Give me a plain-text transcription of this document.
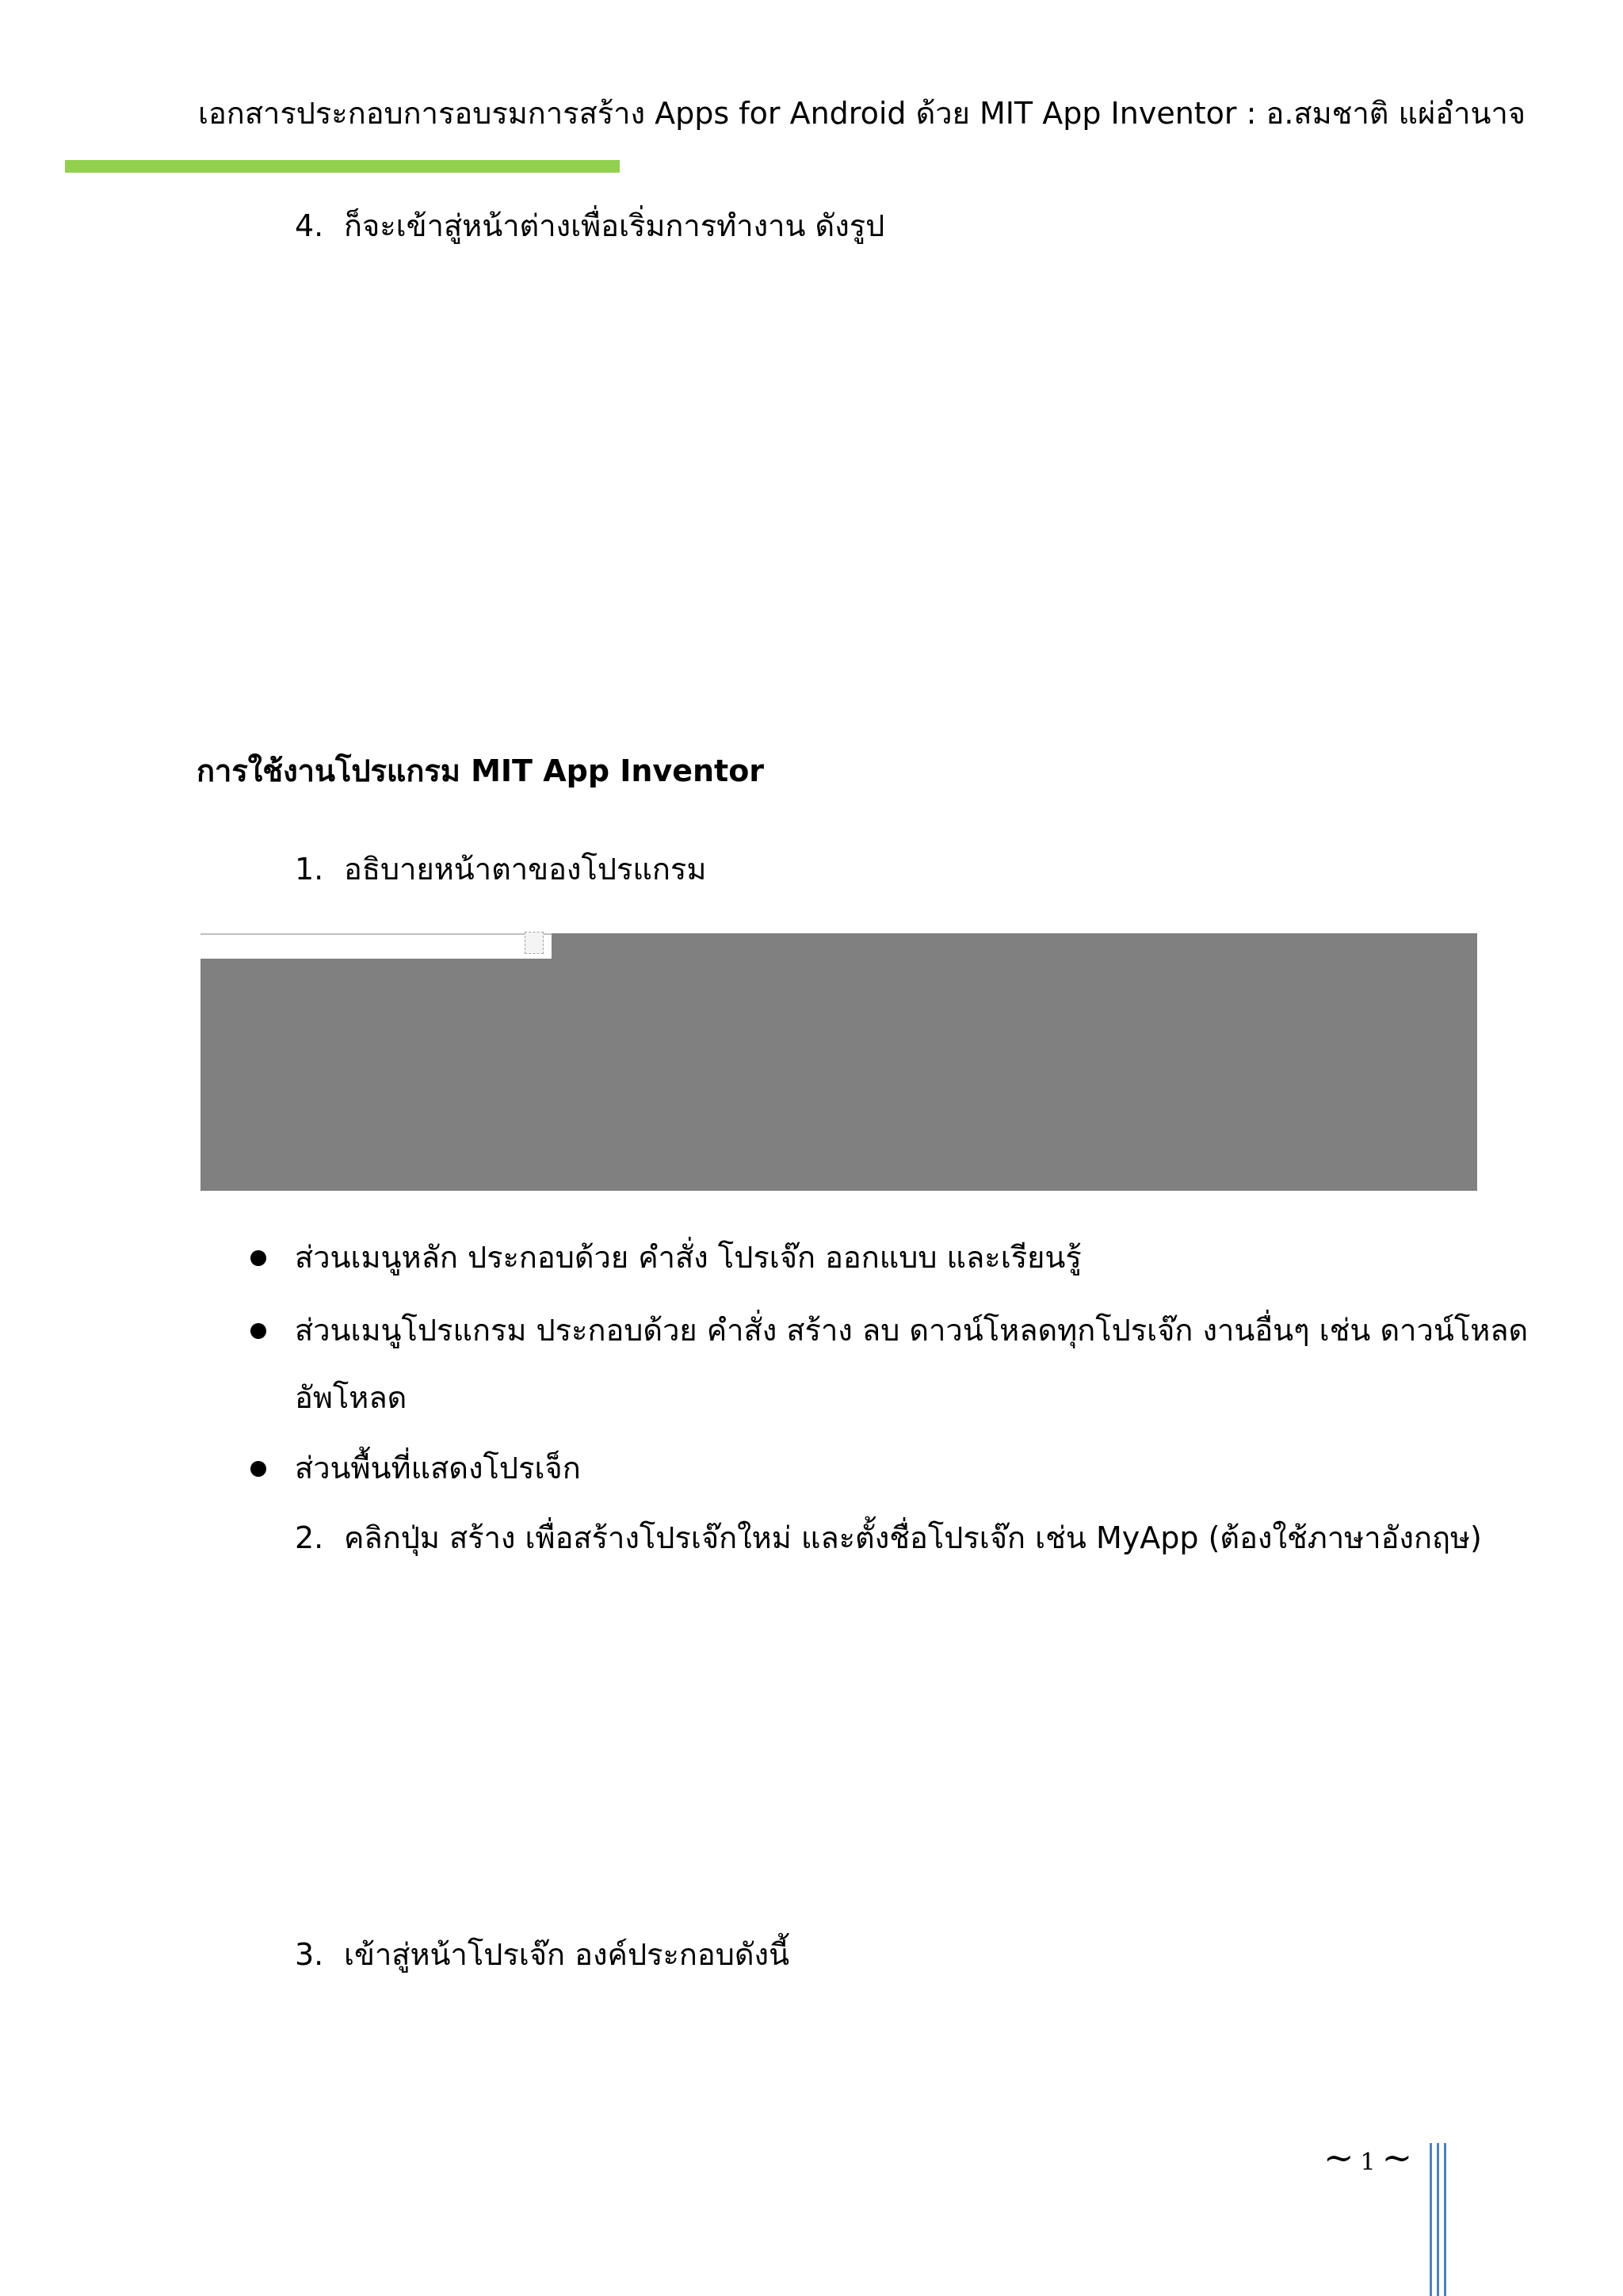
เอกสารประกอบการอบรมการสร้าง Apps for Android ด้วย MIT App Inventor : อ.สมชาติ แผ่อำนาจ
4. ก็จะเข้าสู่หน้าต่างเพื่อเริ่มการทำงาน ดังรูป
การใช้งานโปรแกรม MIT App Inventor
1. อธิบายหน้าตาของโปรแกรม
ส่วนเมนูหลัก ประกอบด้วย คำสั่ง โปรเจ๊ก ออกแบบ และเรียนรู้
ส่วนเมนูโปรแกรม ประกอบด้วย คำสั่ง สร้าง ลบ ดาวน์โหลดทุกโปรเจ๊ก งานอื่นๆ เช่น ดาวน์โหลด
อัพโหลด
ส่วนพื้นที่แสดงโปรเจ็ก
2. คลิกปุ่ม สร้าง เพื่อสร้างโปรเจ๊กใหม่ และตั้งชื่อโปรเจ๊ก เช่น MyApp (ต้องใช้ภาษาอังกฤษ)
3. เข้าสู่หน้าโปรเจ๊ก องค์ประกอบดังนี้
~ 1 ~
